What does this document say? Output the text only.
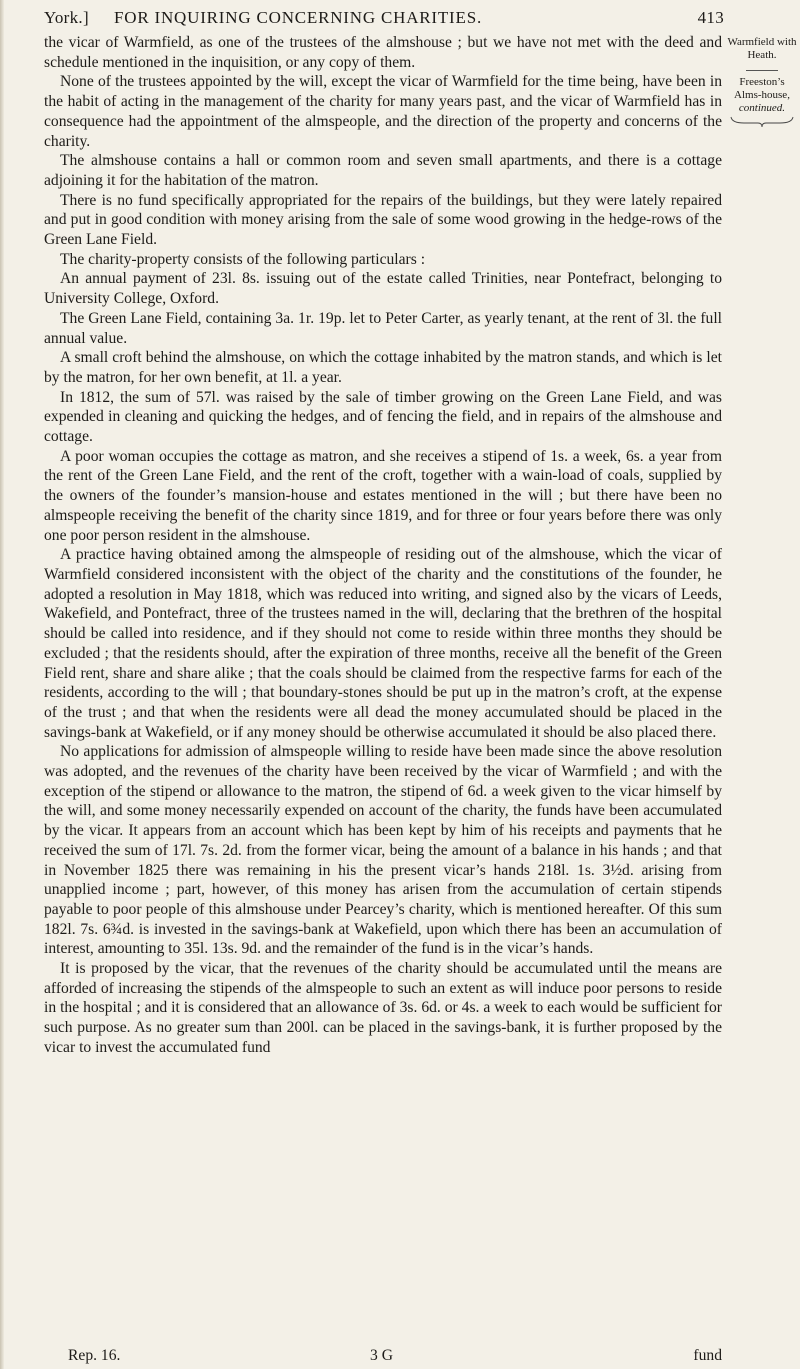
York.] FOR INQUIRING CONCERNING CHARITIES.	413

the vicar of Warmfield, as one of the trustees of the almshouse ; but we have not met with the deed and schedule mentioned in the inquisition, or any copy of them.

None of the trustees appointed by the will, except the vicar of Warmfield for the time being, have been in the habit of acting in the management of the charity for many years past, and the vicar of Warmfield has in consequence had the appointment of the almspeople, and the direction of the property and concerns of the charity.

The almshouse contains a hall or common room and seven small apartments, and there is a cottage adjoining it for the habitation of the matron.

There is no fund specifically appropriated for the repairs of the buildings, but they were lately repaired and put in good condition with money arising from the sale of some wood growing in the hedge-rows of the Green Lane Field.

The charity-property consists of the following particulars :

An annual payment of 23l. 8s. issuing out of the estate called Trinities, near Pontefract, belonging to University College, Oxford.

The Green Lane Field, containing 3a. 1r. 19p. let to Peter Carter, as yearly tenant, at the rent of 3l. the full annual value.

A small croft behind the almshouse, on which the cottage inhabited by the matron stands, and which is let by the matron, for her own benefit, at 1l. a year.

In 1812, the sum of 57l. was raised by the sale of timber growing on the Green Lane Field, and was expended in cleaning and quicking the hedges, and of fencing the field, and in repairs of the almshouse and cottage.

A poor woman occupies the cottage as matron, and she receives a stipend of 1s. a week, 6s. a year from the rent of the Green Lane Field, and the rent of the croft, together with a wain-load of coals, supplied by the owners of the founder’s mansion-house and estates mentioned in the will ; but there have been no almspeople receiving the benefit of the charity since 1819, and for three or four years before there was only one poor person resident in the almshouse.

A practice having obtained among the almspeople of residing out of the almshouse, which the vicar of Warmfield considered inconsistent with the object of the charity and the constitutions of the founder, he adopted a resolution in May 1818, which was reduced into writing, and signed also by the vicars of Leeds, Wakefield, and Pontefract, three of the trustees named in the will, declaring that the brethren of the hospital should be called into residence, and if they should not come to reside within three months they should be excluded ; that the residents should, after the expiration of three months, receive all the benefit of the Green Field rent, share and share alike ; that the coals should be claimed from the respective farms for each of the residents, according to the will ; that boundary-stones should be put up in the matron’s croft, at the expense of the trust ; and that when the residents were all dead the money accumulated should be placed in the savings-bank at Wakefield, or if any money should be otherwise accumulated it should be also placed there.

No applications for admission of almspeople willing to reside have been made since the above resolution was adopted, and the revenues of the charity have been received by the vicar of Warmfield ; and with the exception of the stipend or allowance to the matron, the stipend of 6d. a week given to the vicar himself by the will, and some money necessarily expended on account of the charity, the funds have been accumulated by the vicar. It appears from an account which has been kept by him of his receipts and payments that he received the sum of 17l. 7s. 2d. from the former vicar, being the amount of a balance in his hands ; and that in November 1825 there was remaining in his the present vicar’s hands 218l. 1s. 3½d. arising from unapplied income ; part, however, of this money has arisen from the accumulation of certain stipends payable to poor people of this almshouse under Pearcey’s charity, which is mentioned hereafter. Of this sum 182l. 7s. 6¾d. is invested in the savings-bank at Wakefield, upon which there has been an accumulation of interest, amounting to 35l. 13s. 9d. and the remainder of the fund is in the vicar’s hands.

It is proposed by the vicar, that the revenues of the charity should be accumulated until the means are afforded of increasing the stipends of the almspeople to such an extent as will induce poor persons to reside in the hospital ; and it is considered that an allowance of 3s. 6d. or 4s. a week to each would be sufficient for such purpose. As no greater sum than 200l. can be placed in the savings-bank, it is further proposed by the vicar to invest the accumulated fund

Warmfield with Heath.

Freeston’s Alms-house,

continued.

Rep. 16.	3 G	fund
